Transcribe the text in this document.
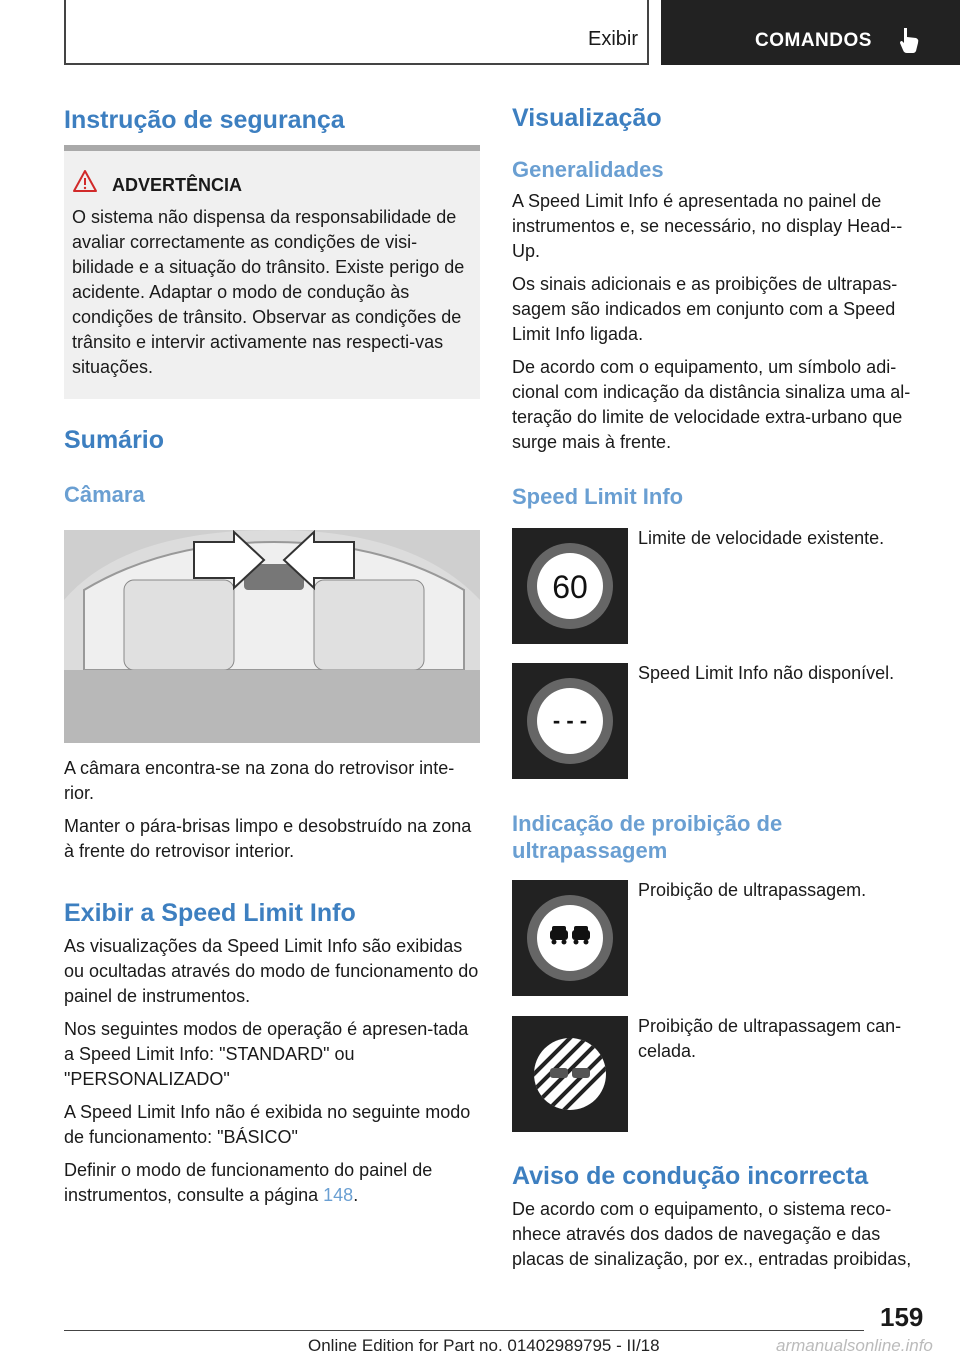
Exibir	COMANDOS
Instrução de segurança
ADVERTÊNCIA
O sistema não dispensa da responsabilidade de avaliar correctamente as condições de visi-bilidade e a situação do trânsito. Existe perigo de acidente. Adaptar o modo de condução às condições de trânsito. Observar as condições de trânsito e intervir activamente nas respecti-vas situações.
Sumário
Câmara

A câmara encontra-se na zona do retrovisor inte-rior.

Manter o pára-brisas limpo e desobstruído na zona à frente do retrovisor interior.

Exibir a Speed Limit Info

As visualizações da Speed Limit Info são exibidas ou ocultadas através do modo de funcionamento do painel de instrumentos.

Nos seguintes modos de operação é apresen-tada a Speed Limit Info: "STANDARD" ou "PERSONALIZADO"

A Speed Limit Info não é exibida no seguinte modo de funcionamento: "BÁSICO"

Definir o modo de funcionamento do painel de instrumentos, consulte a página 148.

Visualização
Generalidades

A Speed Limit Info é apresentada no painel de instrumentos e, se necessário, no display Head--Up.

Os sinais adicionais e as proibições de ultrapas-sagem são indicados em conjunto com a Speed Limit Info ligada.

De acordo com o equipamento, um símbolo adi-cional com indicação da distância sinaliza uma al-teração do limite de velocidade extra-urbano que surge mais à frente.

Speed Limit Info
60

Limite de velocidade existente.

- - -

Speed Limit Info não disponível.

Indicação de proibição de ultrapassagem

Proibição de ultrapassagem.

Proibição de ultrapassagem can-celada.

Aviso de condução incorrecta

De acordo com o equipamento, o sistema reco-nhece através dos dados de navegação e das placas de sinalização, por ex., entradas proibidas,

159
Online Edition for Part no. 01402989795 - II/18	armanualsonline.info
